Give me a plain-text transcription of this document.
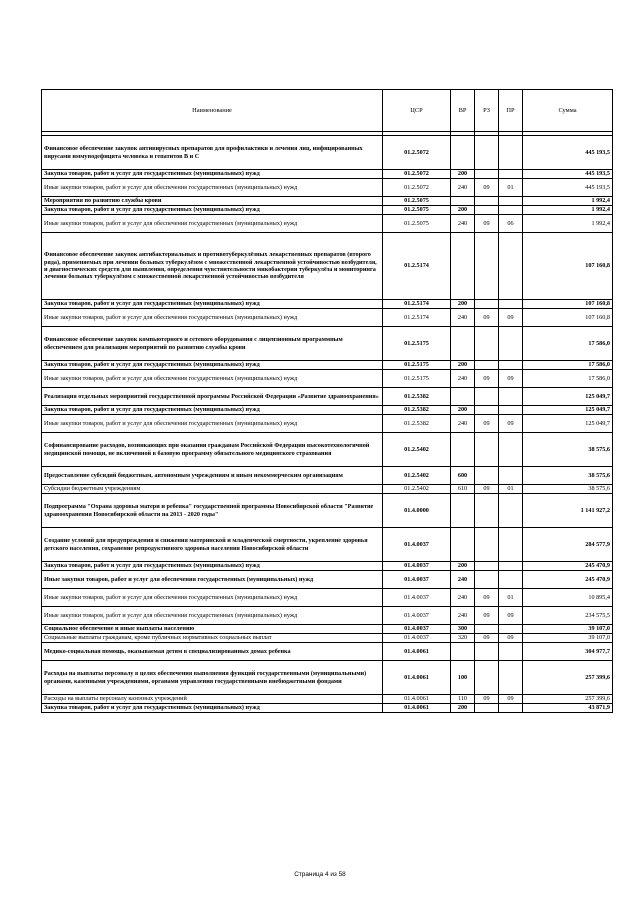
Наименование	ЦСР	ВР	РЗ	ПР	Сумма

Финансовое обеспечение закупок антивирусных препаратов для профилактики и лечения лиц, инфицированных вирусами иммунодефицита человека и гепатитов В и С	01.2.5072				445 193,5
Закупка товаров, работ и услуг для государственных (муниципальных) нужд	01.2.5072	200			445 193,5
Иные закупки товаров, работ и услуг для обеспечения государственных (муниципальных) нужд	01.2.5072	240	09	01	445 193,5
Мероприятия по развитию службы крови	01.2.5075				1 992,4
Закупка товаров, работ и услуг для государственных (муниципальных) нужд	01.2.5075	200			1 992,4
Иные закупки товаров, работ и услуг для обеспечения государственных (муниципальных) нужд	01.2.5075	240	09	06	1 992,4
Финансовое обеспечение закупок антибактериальных и противотуберкулёзных лекарственных препаратов (второго ряда), применяемых при лечении больных туберкулёзом с множественной лекарственной устойчивостью возбудителя, и диагностических средств для выявления, определения чувствительности микобактерии туберкулёза и мониторинга лечения больных туберкулёзом с множественной лекарственной устойчивостью возбудителя	01.2.5174				107 160,8
Закупка товаров, работ и услуг для государственных (муниципальных) нужд	01.2.5174	200			107 160,8
Иные закупки товаров, работ и услуг для обеспечения государственных (муниципальных) нужд	01.2.5174	240	09	09	107 160,8
Финансовое обеспечение закупок компьютерного и сетевого оборудования с лицензионным программным обеспечением для реализации мероприятий по развитию службы крови	01.2.5175				17 586,0
Закупка товаров, работ и услуг для государственных (муниципальных) нужд	01.2.5175	200			17 586,0
Иные закупки товаров, работ и услуг для обеспечения государственных (муниципальных) нужд	01.2.5175	240	09	09	17 586,0
Реализация отдельных мероприятий государственной программы Российской Федерации «Развитие здравоохранения»	01.2.5382				125 049,7
Закупка товаров, работ и услуг для государственных (муниципальных) нужд	01.2.5382	200			125 049,7
Иные закупки товаров, работ и услуг для обеспечения государственных (муниципальных) нужд	01.2.5382	240	09	09	125 049,7
Софинансирование расходов, возникающих при оказании гражданам Российской Федерации высокотехнологичной медицинской помощи, не включенной в базовую программу обязательного медицинского страхования	01.2.5402				38 575,6
Предоставление субсидий бюджетным, автономным учреждениям и иным некоммерческим организациям	01.2.5402	600			38 575,6
Субсидии бюджетным учреждениям	01.2.5402	610	09	01	38 575,6
Подпрограмма "Охрана здоровья матери и ребенка" государственной программы Новосибирской области "Развитие здравоохранения Новосибирской области на 2013 - 2020 годы"	01.4.0000				1 141 927,2
Создание условий для предупреждения и снижения материнской и младенческой смертности, укрепление здоровья детского населения, сохранение репродуктивного здоровья населения Новосибирской области	01.4.0037				284 577,9
Закупка товаров, работ и услуг для государственных (муниципальных) нужд	01.4.0037	200			245 470,9
Иные закупки товаров, работ и услуг для обеспечения государственных (муниципальных) нужд	01.4.0037	240			245 470,9
Иные закупки товаров, работ и услуг для обеспечения государственных (муниципальных) нужд	01.4.0037	240	09	01	10 895,4
Иные закупки товаров, работ и услуг для обеспечения государственных (муниципальных) нужд	01.4.0037	240	09	09	234 575,5
Социальное обеспечение и иные выплаты населению	01.4.0037	300			39 107,0
Социальные выплаты гражданам, кроме публичных нормативных социальных выплат	01.4.0037	320	09	09	39 107,0
Медико-социальная помощь, оказываемая детям в специализированных домах ребенка	01.4.0061				304 977,7
Расходы на выплаты персоналу в целях обеспечения выполнения функций государственными (муниципальными) органами, казенными учреждениями, органами управления государственными внебюджетными фондами	01.4.0061	100			257 399,6
Расходы на выплаты персоналу казенных учреждений	01.4.0061	110	09	09	257 399,6
Закупка товаров, работ и услуг для государственных (муниципальных) нужд	01.4.0061	200			43 871,9
Страница 4 из 58
